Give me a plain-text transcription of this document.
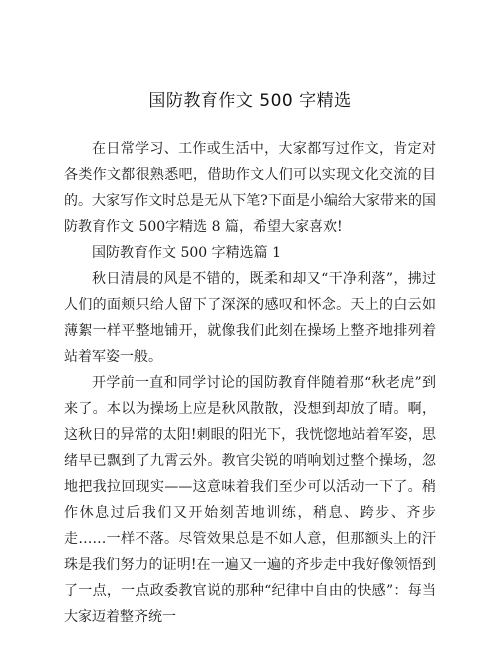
国防教育作文 500 字精选

在日常学习、工作或生活中，大家都写过作文，肯定对各类作文都很熟悉吧，借助作文人们可以实现文化交流的目的。大家写作文时总是无从下笔?下面是小编给大家带来的国防教育作文 500字精选 8 篇，希望大家喜欢!

国防教育作文 500 字精选篇 1

秋日清晨的风是不错的，既柔和却又“干净利落”，拂过人们的面颊只给人留下了深深的感叹和怀念。天上的白云如薄絮一样平整地铺开，就像我们此刻在操场上整齐地排列着站着军姿一般。

开学前一直和同学讨论的国防教育伴随着那“秋老虎”到来了。本以为操场上应是秋风散散，没想到却放了晴。啊，这秋日的异常的太阳!刺眼的阳光下，我恍惚地站着军姿，思绪早已飘到了九霄云外。教官尖锐的哨响划过整个操场，忽地把我拉回现实——这意味着我们至少可以活动一下了。稍作休息过后我们又开始刻苦地训练，稍息、跨步、齐步走……一样不落。尽管效果总是不如人意，但那额头上的汗珠是我们努力的证明!在一遍又一遍的齐步走中我好像领悟到了一点，一点政委教官说的那种“纪律中自由的快感”：每当大家迈着整齐统一
